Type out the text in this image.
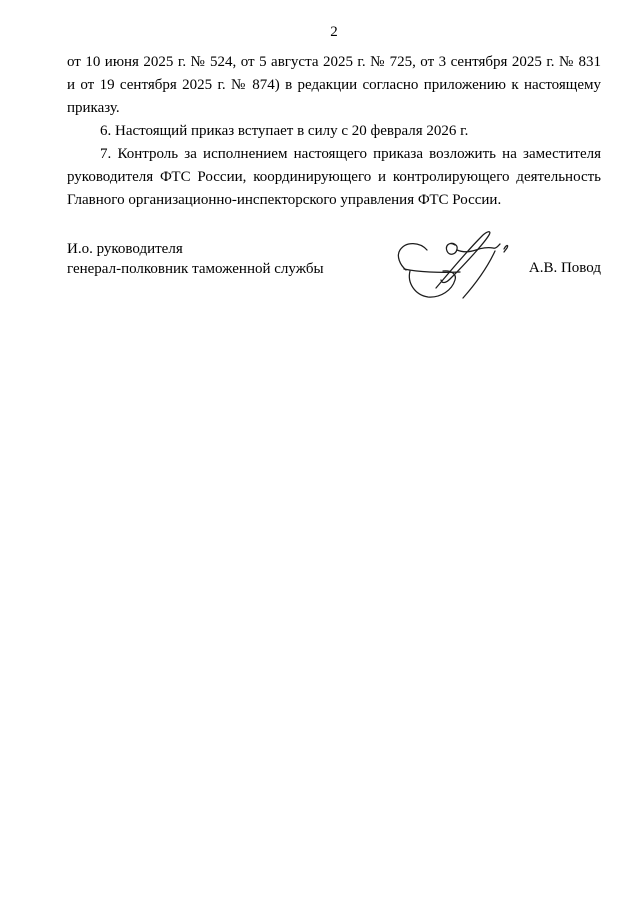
2

от 10 июня 2025 г. № 524, от 5 августа 2025 г. № 725, от 3 сентября 2025 г. № 831
и от 19 сентября 2025 г. № 874) в редакции согласно приложению к настоящему
приказу.

6. Настоящий приказ вступает в силу с 20 февраля 2026 г.

7. Контроль за исполнением настоящего приказа возложить на заместителя
руководителя ФТС России, координирующего и контролирующего деятельность
Главного организационно-инспекторского управления ФТС России.

И.о. руководителя
генерал-полковник таможенной службы	А.В. Повод
